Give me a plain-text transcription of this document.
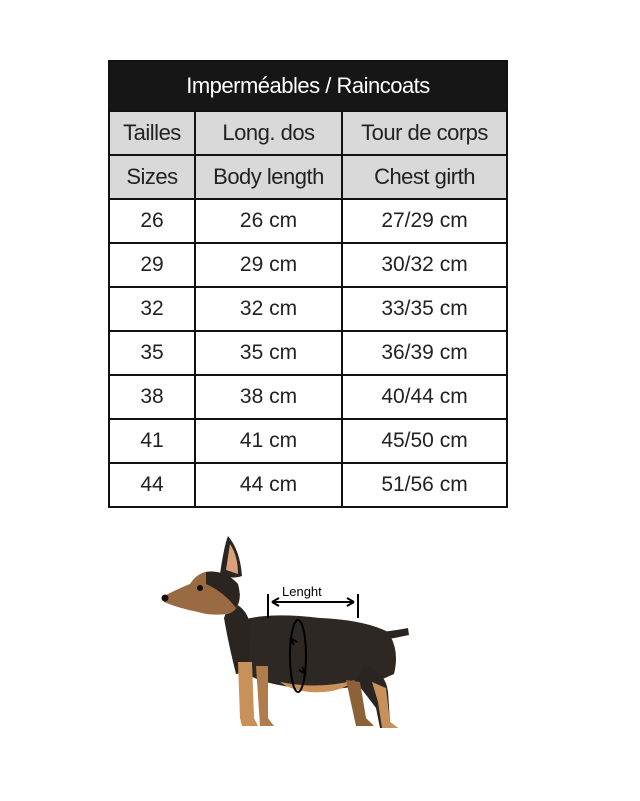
Imperméables / Raincoats		
Tailles	Long. dos	Tour de corps
Sizes	Body length	Chest girth
26	26 cm	27/29 cm
29	29 cm	30/32 cm
32	32 cm	33/35 cm
35	35 cm	36/39 cm
38	38 cm	40/44 cm
41	41 cm	45/50 cm
44	44 cm	51/56 cm
Lenght
